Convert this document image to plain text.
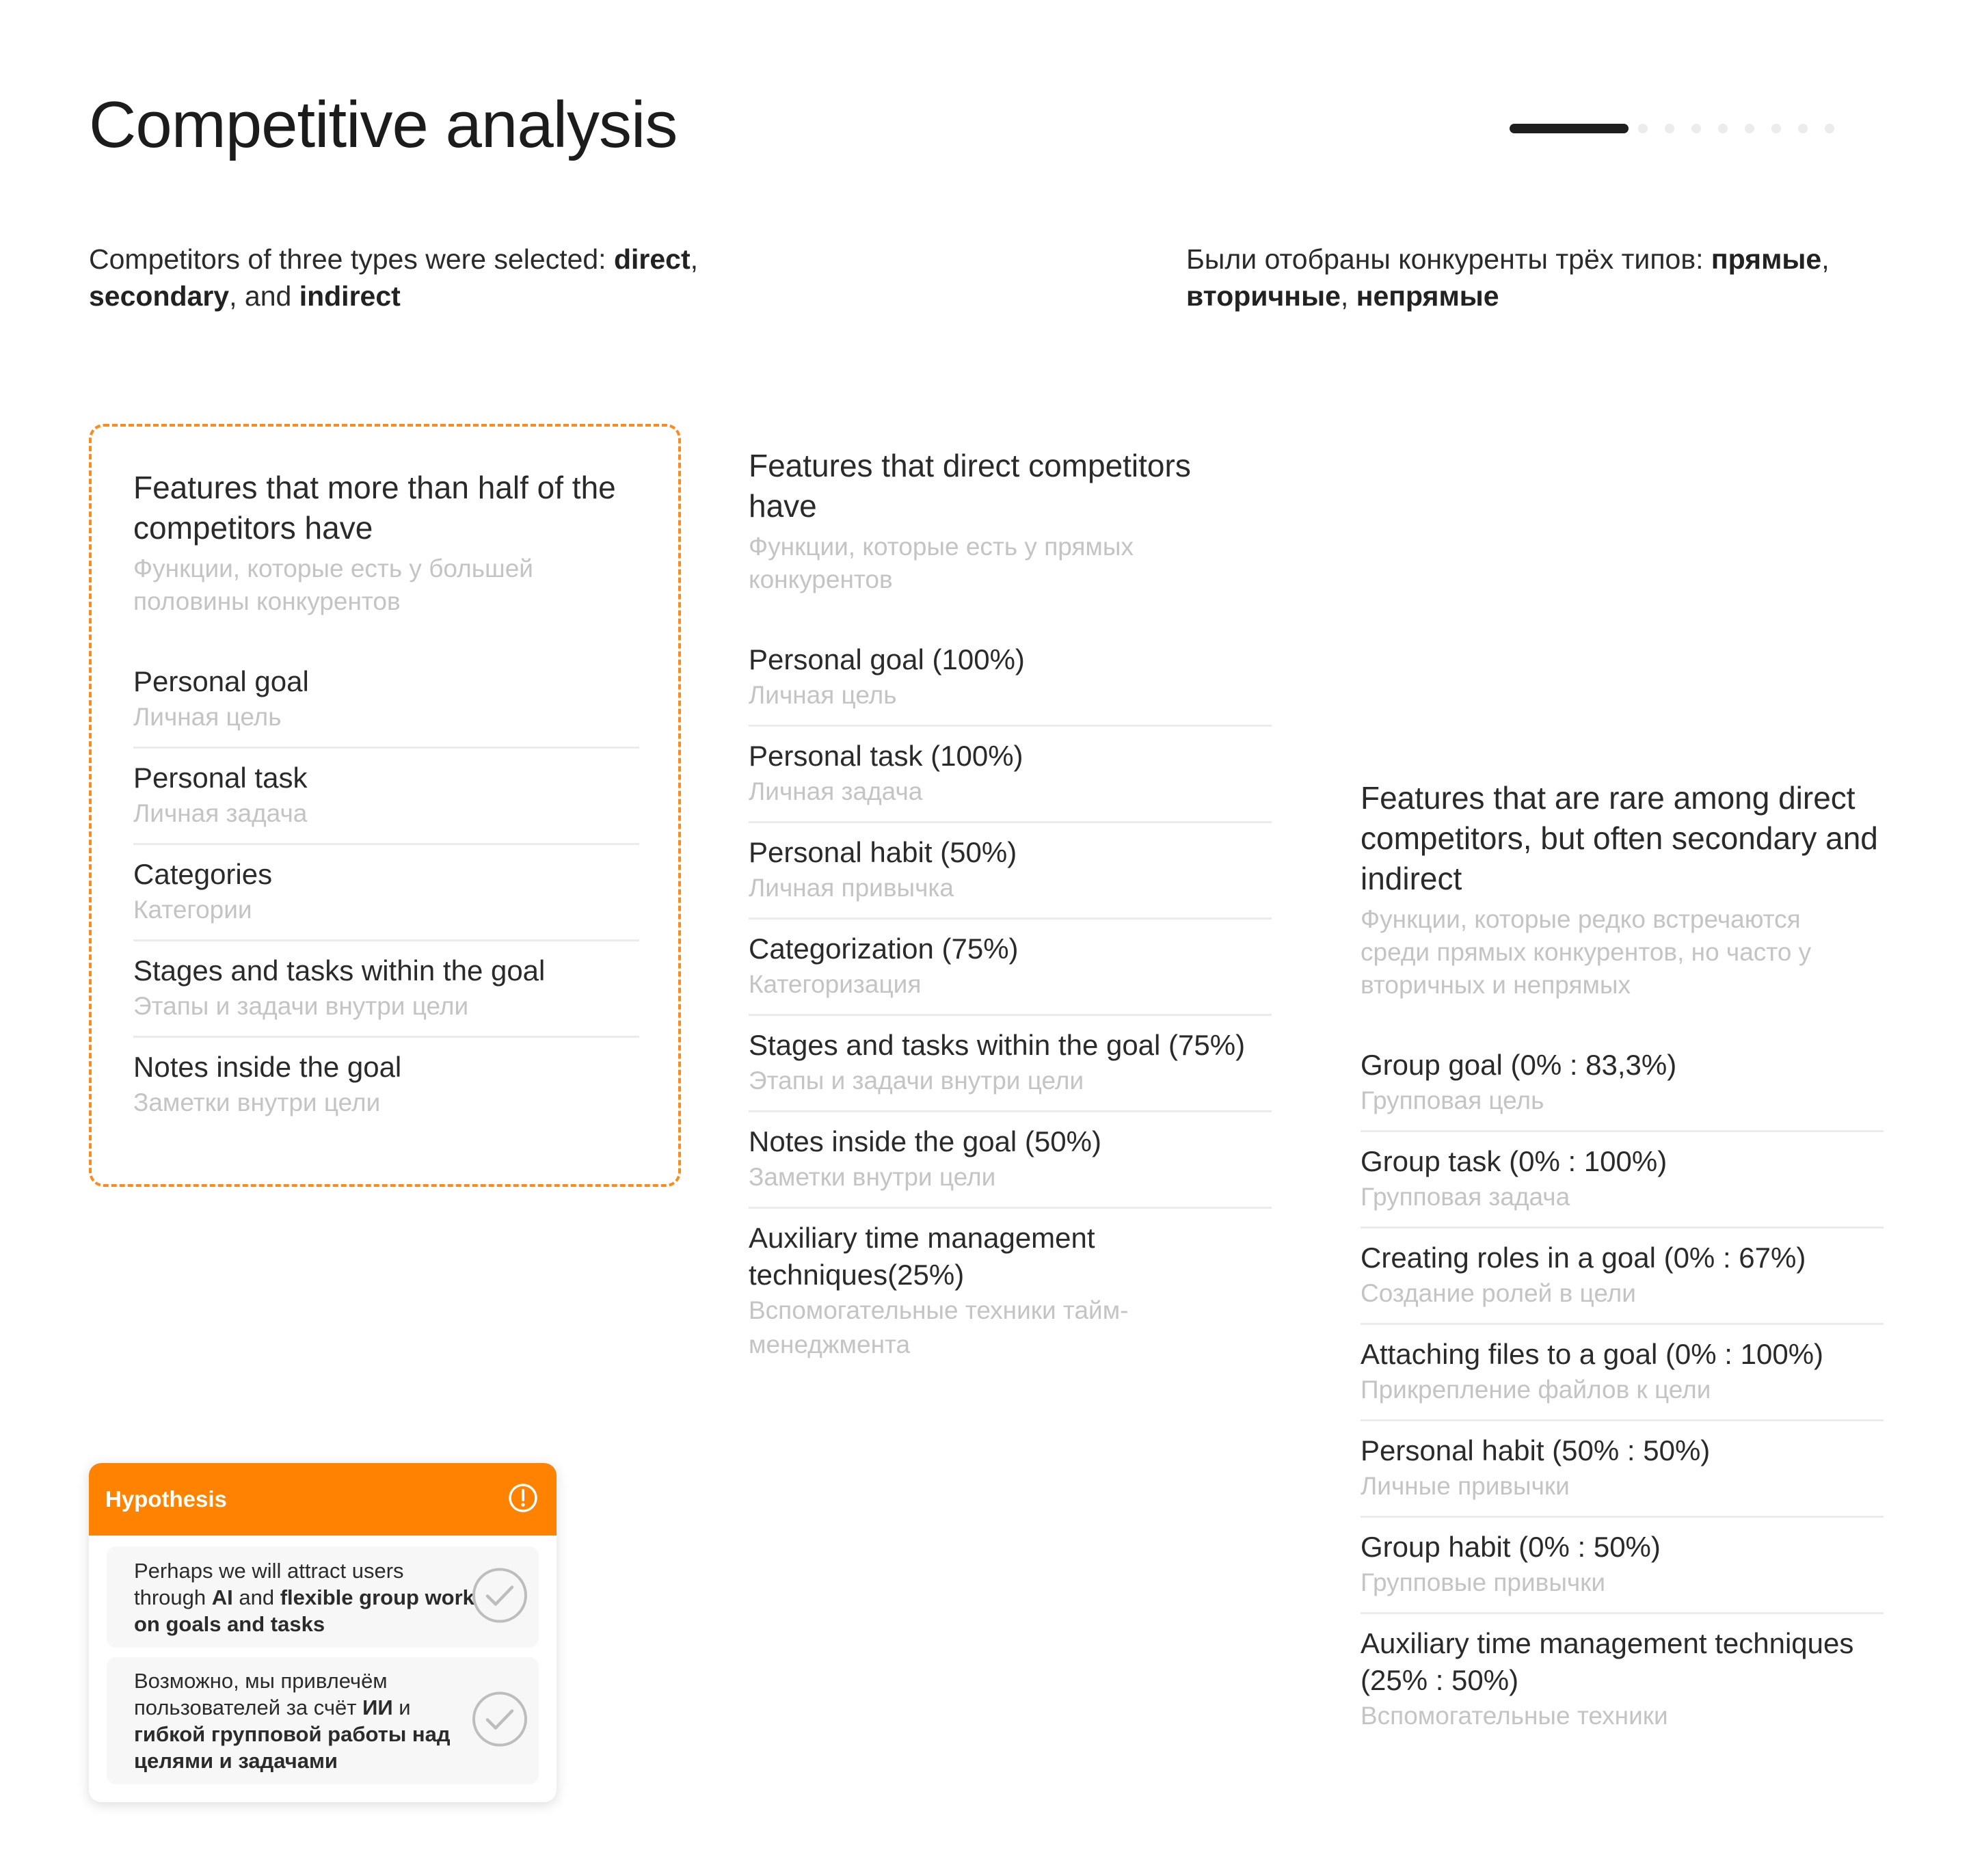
Competitive analysis

Competitors of three types were selected: direct, secondary, and indirect

Были отобраны конкуренты трёх типов: прямые, вторичные, непрямые

Features that more than half of the competitors have

Функции, которые есть у большей половины конкурентов

Personal goal
Личная цель
Personal task
Личная задача
Categories
Категории
Stages and tasks within the goal
Этапы и задачи внутри цели
Notes inside the goal
Заметки внутри цели
Features that direct competitors have

Функции, которые есть у прямых конкурентов

Personal goal (100%)
Личная цель
Personal task (100%)
Личная задача
Personal habit (50%)
Личная привычка
Categorization (75%)
Категоризация
Stages and tasks within the goal (75%)
Этапы и задачи внутри цели
Notes inside the goal (50%)
Заметки внутри цели
Auxiliary time management techniques(25%)
Вспомогательные техники тайм-менеджмента
Features that are rare among direct competitors, but often secondary and indirect

Функции, которые редко встречаются среди прямых конкурентов, но часто у вторичных и непрямых

Group goal (0% : 83,3%)
Групповая цель
Group task (0% : 100%)
Групповая задача
Creating roles in a goal (0% : 67%)
Создание ролей в цели
Attaching files to a goal (0% : 100%)
Прикрепление файлов к цели
Personal habit (50% : 50%)
Личные привычки
Group habit (0% : 50%)
Групповые привычки
Auxiliary time management techniques (25% : 50%)
Вспомогательные техники
Hypothesis
Perhaps we will attract users through AI and flexible group work on goals and tasks
Возможно, мы привлечём пользователей за счёт ИИ и гибкой групповой работы над целями и задачами
